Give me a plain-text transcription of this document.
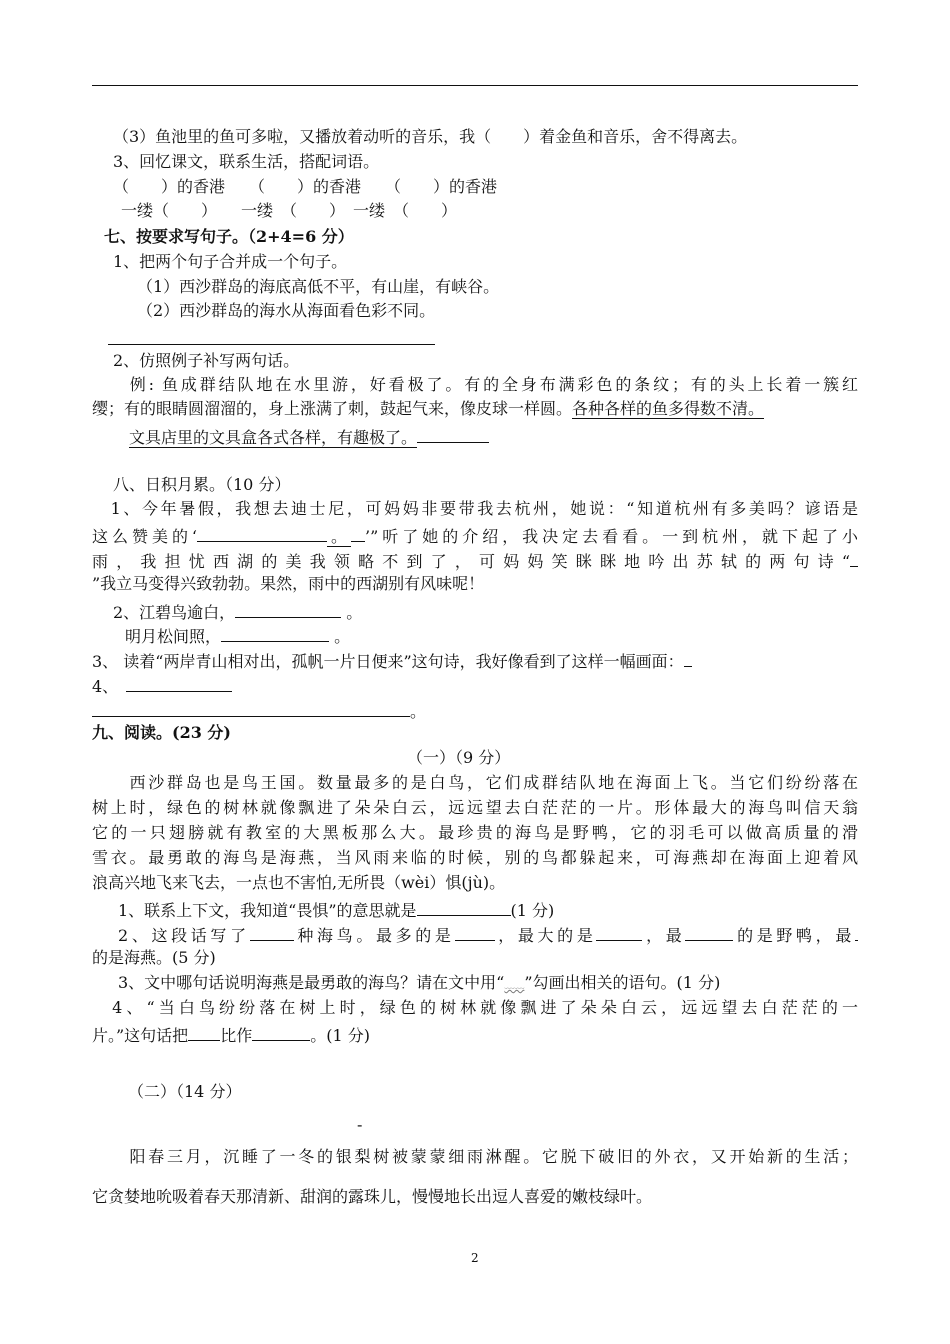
（3）鱼池里的鱼可多啦，又播放着动听的音乐，我（　　）着金鱼和音乐，舍不得离去。
3、回忆课文，联系生活，搭配词语。
（　　）的香港　　（　　）的香港　　（　　）的香港
一缕（　　）　　一缕　（　　）　一缕　（　　）
七、按要求写句子。（2+4=6 分）
1、把两个句子合并成一个句子。
（1）西沙群岛的海底高低不平，有山崖，有峡谷。
（2）西沙群岛的海水从海面看色彩不同。
2、仿照例子补写两句话。
　　例: 鱼成群结队地在水里游，好看极了。有的全身布满彩色的条纹；有的头上长着一簇红
缨；有的眼睛圆溜溜的，身上涨满了刺，鼓起气来，像皮球一样圆。各种各样的鱼多得数不清。
文具店里的文具盒各式各样，有趣极了。
八、日积月累。（10 分）
　1、今年暑假，我想去迪士尼，可妈妈非要带我去杭州，她说：“知道杭州有多美吗？谚语是
这么赞美的‘	。 ’”听了她的介绍，我决定去看看。一到杭州，就下起了小
雨，我担忧西湖的美我领略不到了，可妈妈笑眯眯地吟出苏轼的两句诗“
”我立马变得兴致勃勃。果然，雨中的西湖别有风味呢！
2、江碧鸟逾白，	。
明月松间照，	。
3、 读着“两岸青山相对出，孤帆一片日便来”这句诗，我好像看到了这样一幅画面：
4、　
。
九、阅读。(23 分)
（一）（9 分）
　　西沙群岛也是鸟王国。数量最多的是白鸟，它们成群结队地在海面上飞。当它们纷纷落在
树上时，绿色的树林就像飘进了朵朵白云，远远望去白茫茫的一片。形体最大的海鸟叫信天翁
它的一只翅膀就有教室的大黑板那么大。最珍贵的海鸟是野鸭，它的羽毛可以做高质量的滑
雪衣。最勇敢的海鸟是海燕，当风雨来临的时候，别的鸟都躲起来，可海燕却在海面上迎着风
浪高兴地飞来飞去，一点也不害怕,无所畏（wèi）惧(jù)。
1、联系上下文，我知道“畏惧”的意思就是	(1 分)
2、这段话写了	种海鸟。最多的是	，最大的是	，最	的是野鸭，最
的是海燕。(5 分)
3、文中哪句话说明海燕是最勇敢的海鸟？请在文中用“﹏﹏”勾画出相关的语句。(1 分)
　4、“当白鸟纷纷落在树上时，绿色的树林就像飘进了朵朵白云，远远望去白茫茫的一
片。”这句话把 比作	。(1 分)
（二）（14 分）
-
　　阳春三月，沉睡了一冬的银梨树被蒙蒙细雨淋醒。它脱下破旧的外衣，又开始新的生活；
它贪婪地吮吸着春天那清新、甜润的露珠儿，慢慢地长出逗人喜爱的嫩枝绿叶。
2
